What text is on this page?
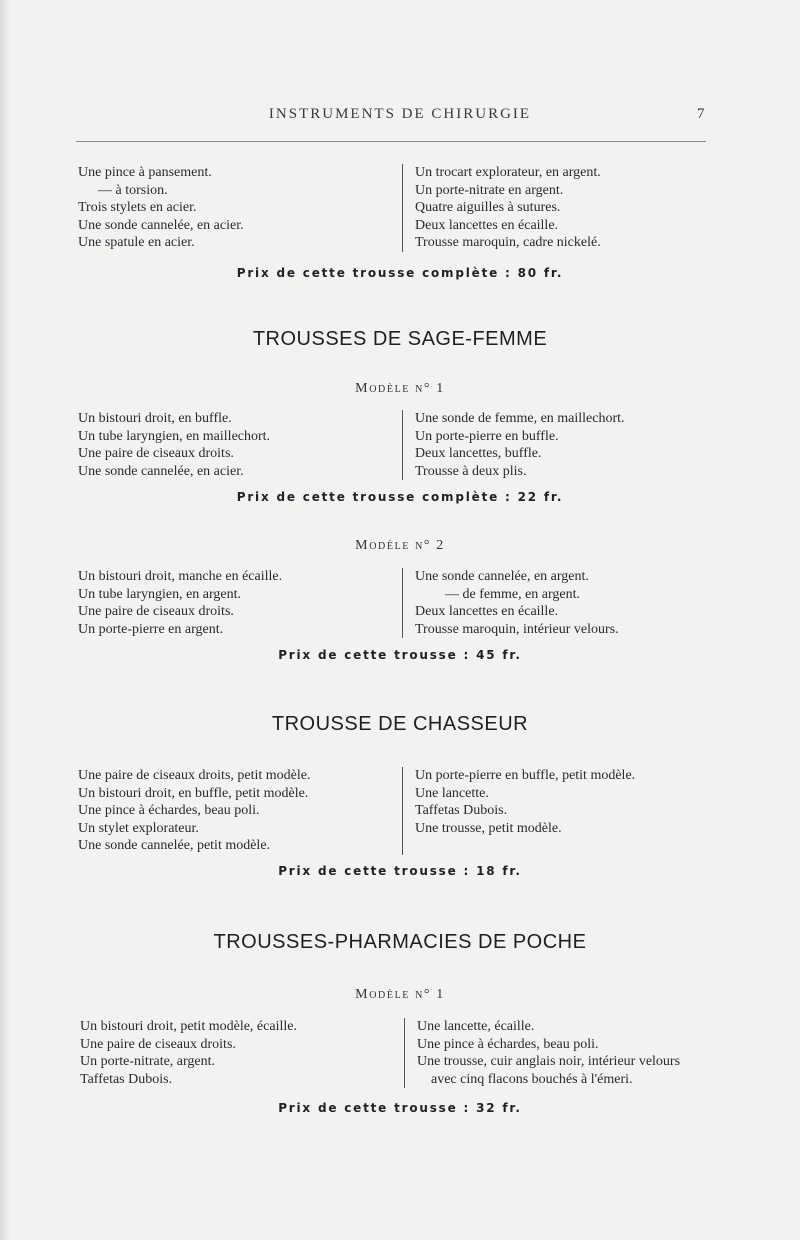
INSTRUMENTS DE CHIRURGIE	7
Une pince à pansement.
— à torsion.
Trois stylets en acier.
Une sonde cannelée, en acier.
Une spatule en acier.
Un trocart explorateur, en argent.
Un porte-nitrate en argent.
Quatre aiguilles à sutures.
Deux lancettes en écaille.
Trousse maroquin, cadre nickelé.
Prix de cette trousse complète : 80 fr.
TROUSSES DE SAGE-FEMME
Modèle n° 1
Un bistouri droit, en buffle.
Un tube laryngien, en maillechort.
Une paire de ciseaux droits.
Une sonde cannelée, en acier.
Une sonde de femme, en maillechort.
Un porte-pierre en buffle.
Deux lancettes, buffle.
Trousse à deux plis.
Prix de cette trousse complète : 22 fr.
Modèle n° 2
Un bistouri droit, manche en écaille.
Un tube laryngien, en argent.
Une paire de ciseaux droits.
Un porte-pierre en argent.
Une sonde cannelée, en argent.
— de femme, en argent.
Deux lancettes en écaille.
Trousse maroquin, intérieur velours.
Prix de cette trousse : 45 fr.
TROUSSE DE CHASSEUR
Une paire de ciseaux droits, petit modèle.
Un bistouri droit, en buffle, petit modèle.
Une pince à échardes, beau poli.
Un stylet explorateur.
Une sonde cannelée, petit modèle.
Un porte-pierre en buffle, petit modèle.
Une lancette.
Taffetas Dubois.
Une trousse, petit modèle.
Prix de cette trousse : 18 fr.
TROUSSES-PHARMACIES DE POCHE
Modèle n° 1
Un bistouri droit, petit modèle, écaille.
Une paire de ciseaux droits.
Un porte-nitrate, argent.
Taffetas Dubois.
Une lancette, écaille.
Une pince à échardes, beau poli.
Une trousse, cuir anglais noir, intérieur velours
avec cinq flacons bouchés à l'émeri.
Prix de cette trousse : 32 fr.
